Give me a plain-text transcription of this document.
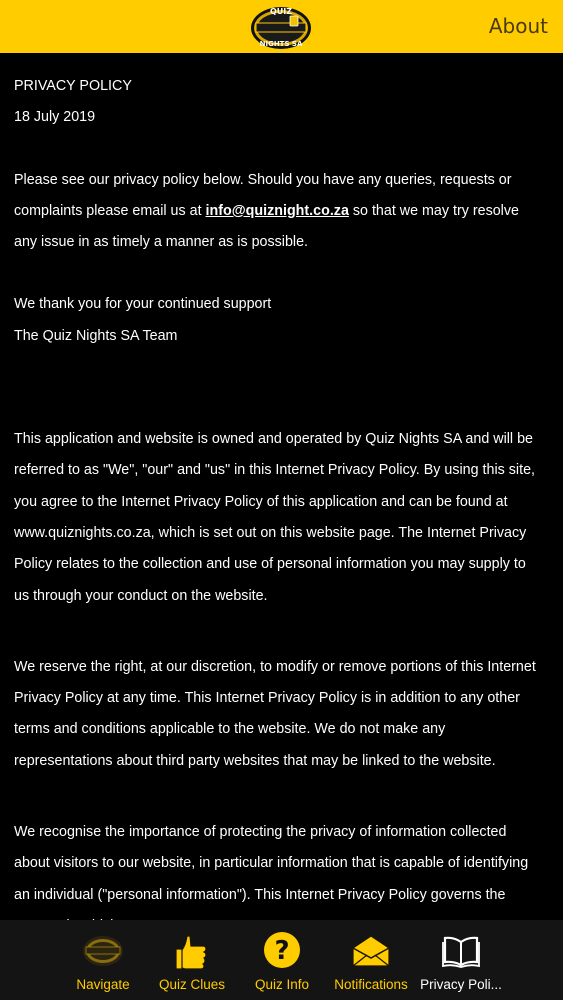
QUIZ
NIGHTS SA
About

PRIVACY POLICY

18 July 2019

Please see our privacy policy below. Should you have any queries, requests or complaints please email us at info@quiznight.co.za so that we may try resolve any issue in as timely a manner as is possible.

We thank you for your continued support

The Quiz Nights SA Team

This application and website is owned and operated by Quiz Nights SA and will be referred to as "We", "our" and "us" in this Internet Privacy Policy. By using this site, you agree to the Internet Privacy Policy of this application and can be found at www.quiznights.co.za, which is set out on this website page. The Internet Privacy Policy relates to the collection and use of personal information you may supply to us through your conduct on the website.

We reserve the right, at our discretion, to modify or remove portions of this Internet Privacy Policy at any time. This Internet Privacy Policy is in addition to any other terms and conditions applicable to the website. We do not make any representations about third party websites that may be linked to the website.

We recognise the importance of protecting the privacy of information collected about visitors to our website, in particular information that is capable of identifying an individual ("personal information"). This Internet Privacy Policy governs the

Navigate	Quiz Clues
?
Quiz Info	Notifications Privacy Poli...
